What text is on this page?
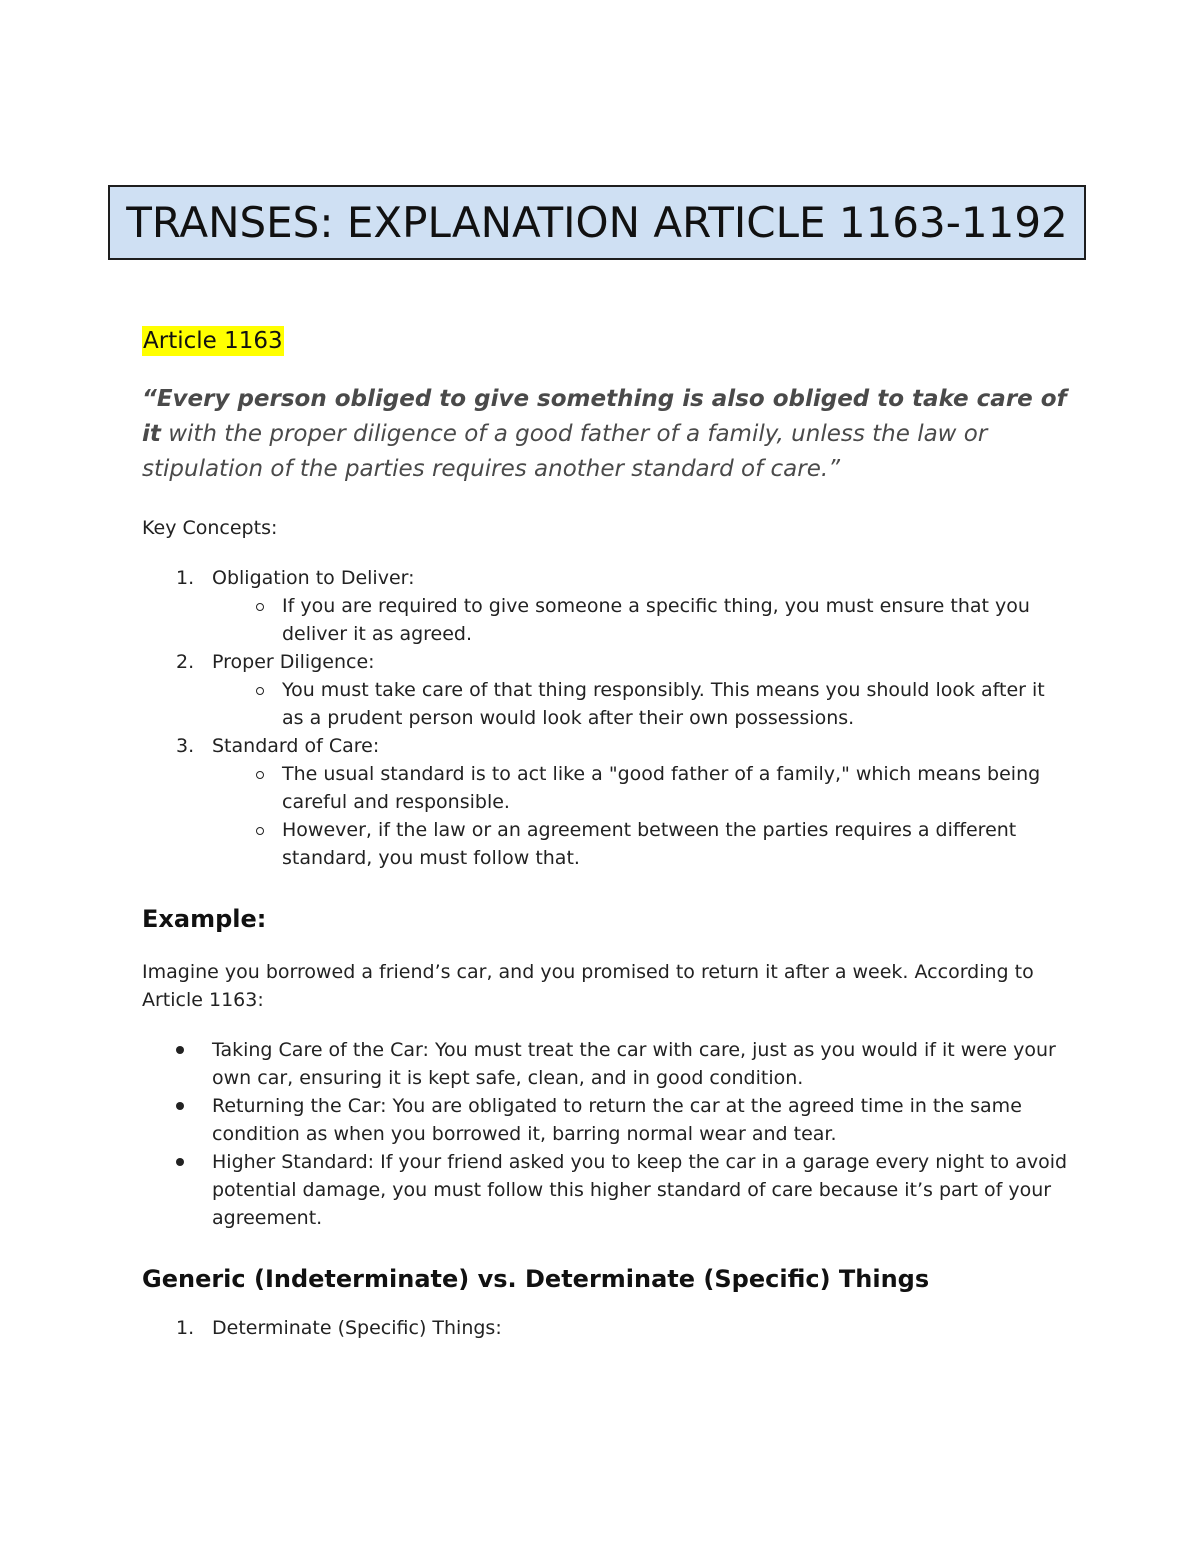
TRANSES: EXPLANATION ARTICLE 1163-1192
Article 1163

“Every person obliged to give something is also obliged to take care of it with the proper diligence of a good father of a family, unless the law or stipulation of the parties requires another standard of care.”

Key Concepts:

1. Obligation to Deliver:
If you are required to give someone a specific thing, you must ensure that you deliver it as agreed.
2. Proper Diligence:
You must take care of that thing responsibly. This means you should look after it as a prudent person would look after their own possessions.
3. Standard of Care:
The usual standard is to act like a "good father of a family," which means being careful and responsible.
However, if the law or an agreement between the parties requires a different standard, you must follow that.
Example:

Imagine you borrowed a friend’s car, and you promised to return it after a week. According to Article 1163:

Taking Care of the Car: You must treat the car with care, just as you would if it were your own car, ensuring it is kept safe, clean, and in good condition.
Returning the Car: You are obligated to return the car at the agreed time in the same condition as when you borrowed it, barring normal wear and tear.
Higher Standard: If your friend asked you to keep the car in a garage every night to avoid potential damage, you must follow this higher standard of care because it’s part of your agreement.
Generic (Indeterminate) vs. Determinate (Specific) Things
1. Determinate (Specific) Things:
